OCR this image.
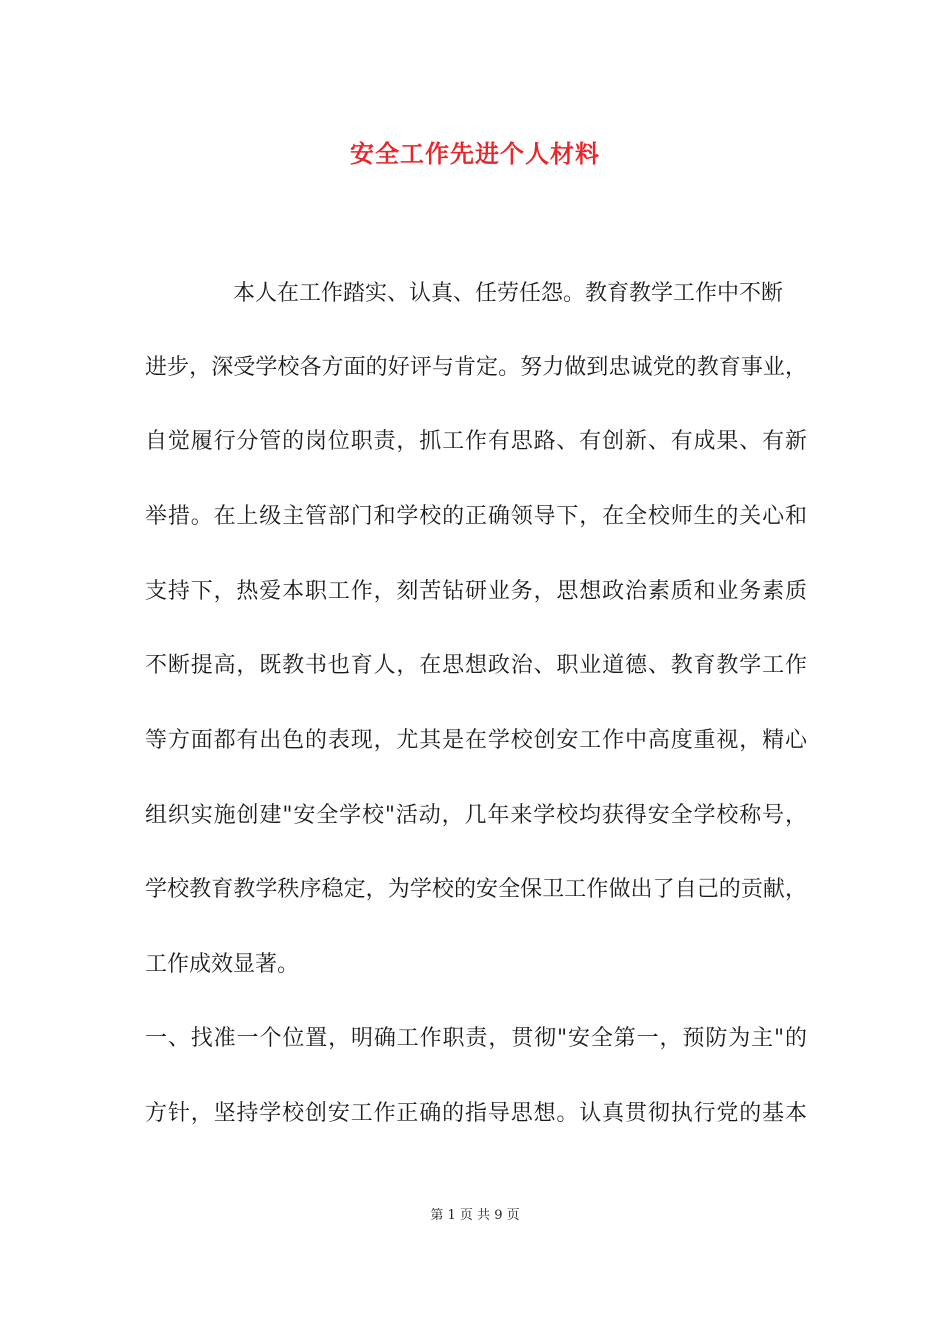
安全工作先进个人材料
本人在工作踏实、认真、任劳任怨。教育教学工作中不断
进步，深受学校各方面的好评与肯定。努力做到忠诚党的教育事业，
自觉履行分管的岗位职责，抓工作有思路、有创新、有成果、有新
举措。在上级主管部门和学校的正确领导下，在全校师生的关心和
支持下，热爱本职工作，刻苦钻研业务，思想政治素质和业务素质
不断提高，既教书也育人，在思想政治、职业道德、教育教学工作
等方面都有出色的表现，尤其是在学校创安工作中高度重视，精心
组织实施创建"安全学校"活动，几年来学校均获得安全学校称号，
学校教育教学秩序稳定，为学校的安全保卫工作做出了自己的贡献，
工作成效显著。
一、找准一个位置，明确工作职责，贯彻"安全第一，预防为主"的
方针，坚持学校创安工作正确的指导思想。认真贯彻执行党的基本
第 1 页 共 9 页
